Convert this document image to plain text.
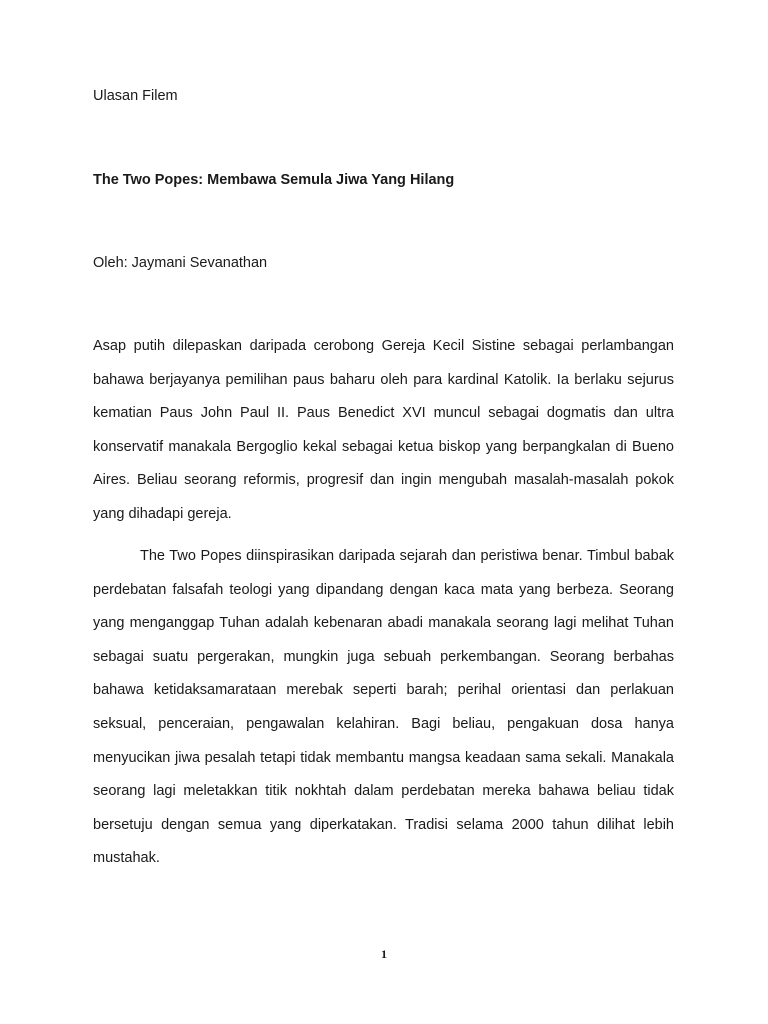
Ulasan Filem

The Two Popes: Membawa Semula Jiwa Yang Hilang

Oleh: Jaymani Sevanathan

Asap putih dilepaskan daripada cerobong Gereja Kecil Sistine sebagai perlambangan bahawa berjayanya pemilihan paus baharu oleh para kardinal Katolik. Ia berlaku sejurus kematian Paus John Paul II. Paus Benedict XVI muncul sebagai dogmatis dan ultra konservatif manakala Bergoglio kekal sebagai ketua biskop yang berpangkalan di Bueno Aires. Beliau seorang reformis, progresif dan ingin mengubah masalah-masalah pokok yang dihadapi gereja.

The Two Popes diinspirasikan daripada sejarah dan peristiwa benar. Timbul babak perdebatan falsafah teologi yang dipandang dengan kaca mata yang berbeza. Seorang yang menganggap Tuhan adalah kebenaran abadi manakala seorang lagi melihat Tuhan sebagai suatu pergerakan, mungkin juga sebuah perkembangan. Seorang berbahas bahawa ketidaksamarataan merebak seperti barah; perihal orientasi dan perlakuan seksual, penceraian, pengawalan kelahiran. Bagi beliau, pengakuan dosa hanya menyucikan jiwa pesalah tetapi tidak membantu mangsa keadaan sama sekali. Manakala seorang lagi meletakkan titik nokhtah dalam perdebatan mereka bahawa beliau tidak bersetuju dengan semua yang diperkatakan. Tradisi selama 2000 tahun dilihat lebih mustahak.

1
